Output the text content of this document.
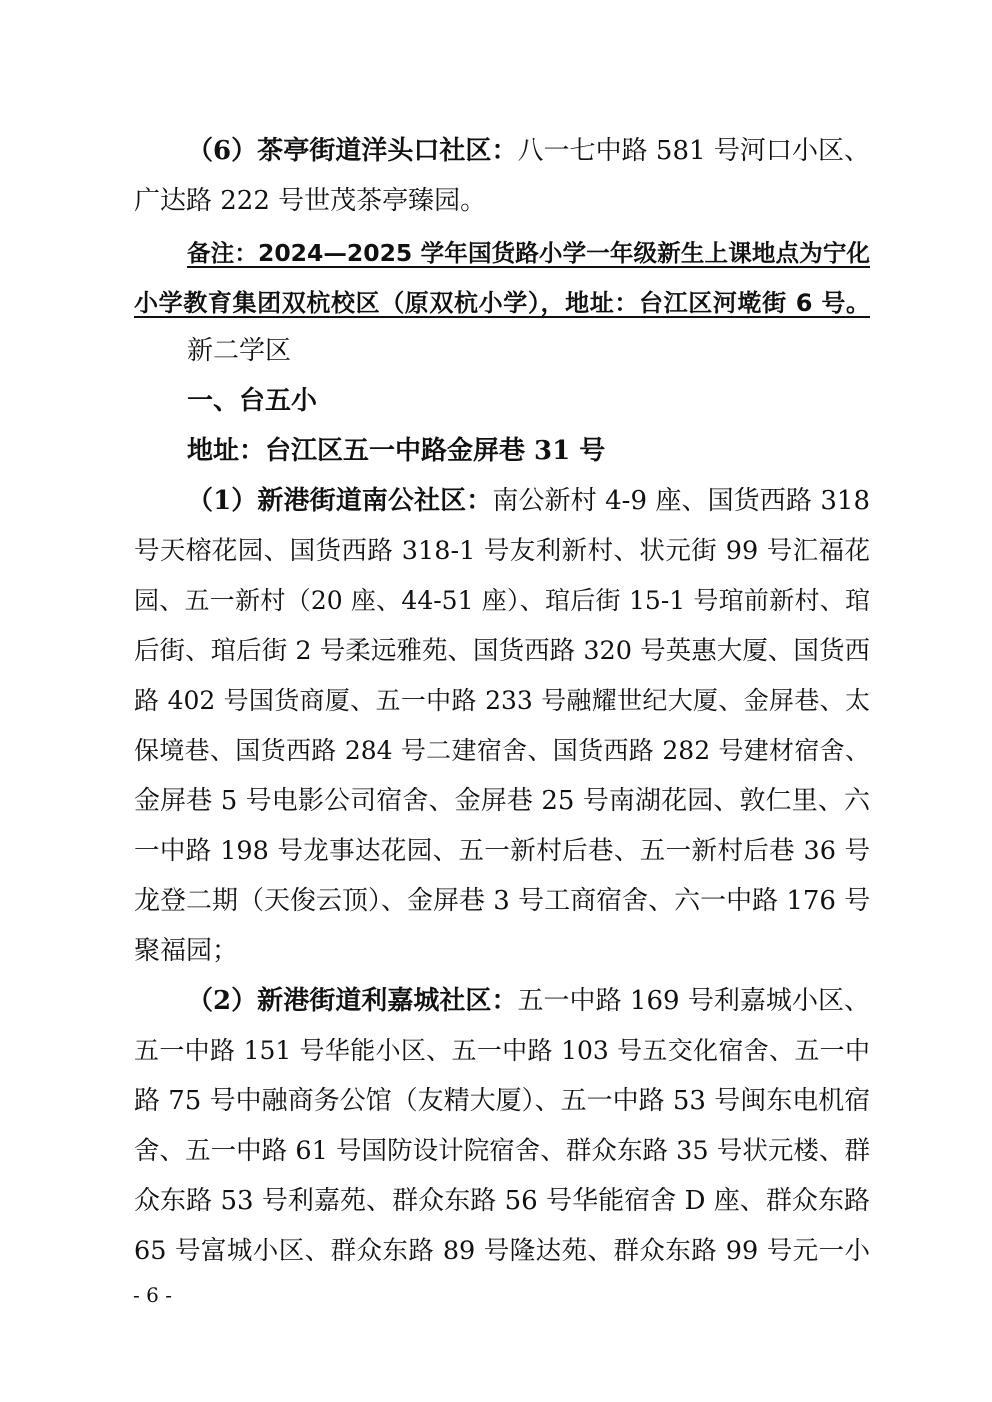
（6）茶亭街道洋头口社区：八一七中路 581 号河口小区、
广达路 222 号世茂茶亭臻园。
备注：2024—2025 学年国货路小学一年级新生上课地点为宁化
小学教育集团双杭校区（原双杭小学），地址：台江区河墘街 6 号。
新二学区
一、台五小
地址：台江区五一中路金屏巷 31 号
（1）新港街道南公社区：南公新村 4-9 座、国货西路 318
号天榕花园、国货西路 318-1 号友利新村、状元街 99 号汇福花
园、五一新村（20 座、44-51 座）、琯后街 15-1 号琯前新村、琯
后街、琯后街 2 号柔远雅苑、国货西路 320 号英惠大厦、国货西
路 402 号国货商厦、五一中路 233 号融耀世纪大厦、金屏巷、太
保境巷、国货西路 284 号二建宿舍、国货西路 282 号建材宿舍、
金屏巷 5 号电影公司宿舍、金屏巷 25 号南湖花园、敦仁里、六
一中路 198 号龙事达花园、五一新村后巷、五一新村后巷 36 号
龙登二期（天俊云顶）、金屏巷 3 号工商宿舍、六一中路 176 号
聚福园；
（2）新港街道利嘉城社区：五一中路 169 号利嘉城小区、
五一中路 151 号华能小区、五一中路 103 号五交化宿舍、五一中
路 75 号中融商务公馆（友精大厦）、五一中路 53 号闽东电机宿
舍、五一中路 61 号国防设计院宿舍、群众东路 35 号状元楼、群
众东路 53 号利嘉苑、群众东路 56 号华能宿舍 D 座、群众东路
65 号富城小区、群众东路 89 号隆达苑、群众东路 99 号元一小
- 6 -
